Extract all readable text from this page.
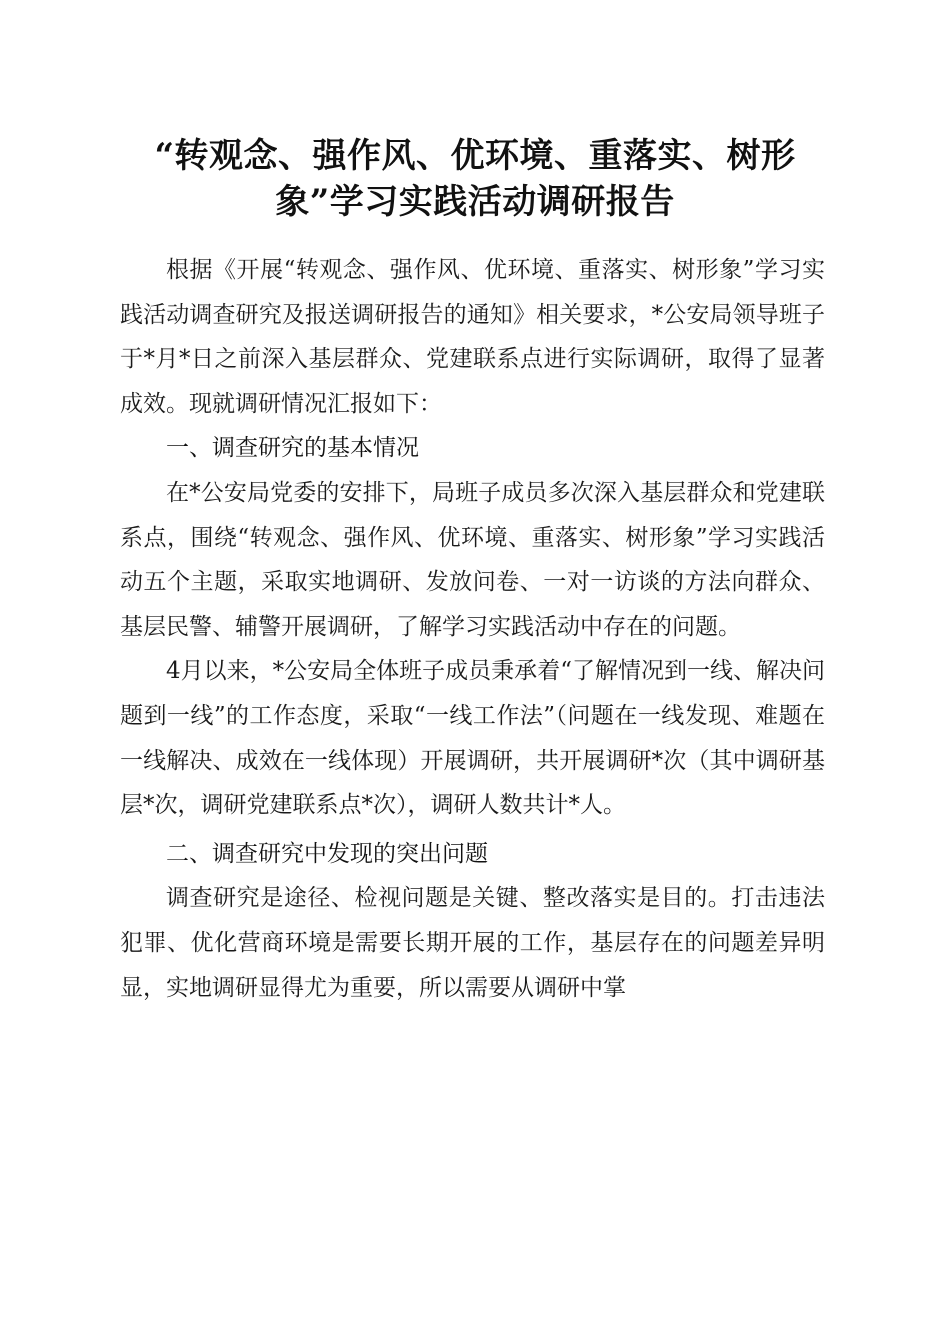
“转观念、强作风、优环境、重落实、树形
象”学习实践活动调研报告

根据《开展“转观念、强作风、优环境、重落实、树形象”学习实践活动调查研究及报送调研报告的通知》相关要求，*公安局领导班子于*月*日之前深入基层群众、党建联系点进行实际调研，取得了显著成效。现就调研情况汇报如下：

一、调查研究的基本情况

在*公安局党委的安排下，局班子成员多次深入基层群众和党建联系点，围绕“转观念、强作风、优环境、重落实、树形象”学习实践活动五个主题，采取实地调研、发放问卷、一对一访谈的方法向群众、基层民警、辅警开展调研，了解学习实践活动中存在的问题。

4月以来，*公安局全体班子成员秉承着“了解情况到一线、解决问题到一线”的工作态度，采取“一线工作法”（问题在一线发现、难题在一线解决、成效在一线体现）开展调研，共开展调研*次（其中调研基层*次，调研党建联系点*次），调研人数共计*人。

二、调查研究中发现的突出问题

调查研究是途径、检视问题是关键、整改落实是目的。打击违法犯罪、优化营商环境是需要长期开展的工作，基层存在的问题差异明显，实地调研显得尤为重要，所以需要从调研中掌
